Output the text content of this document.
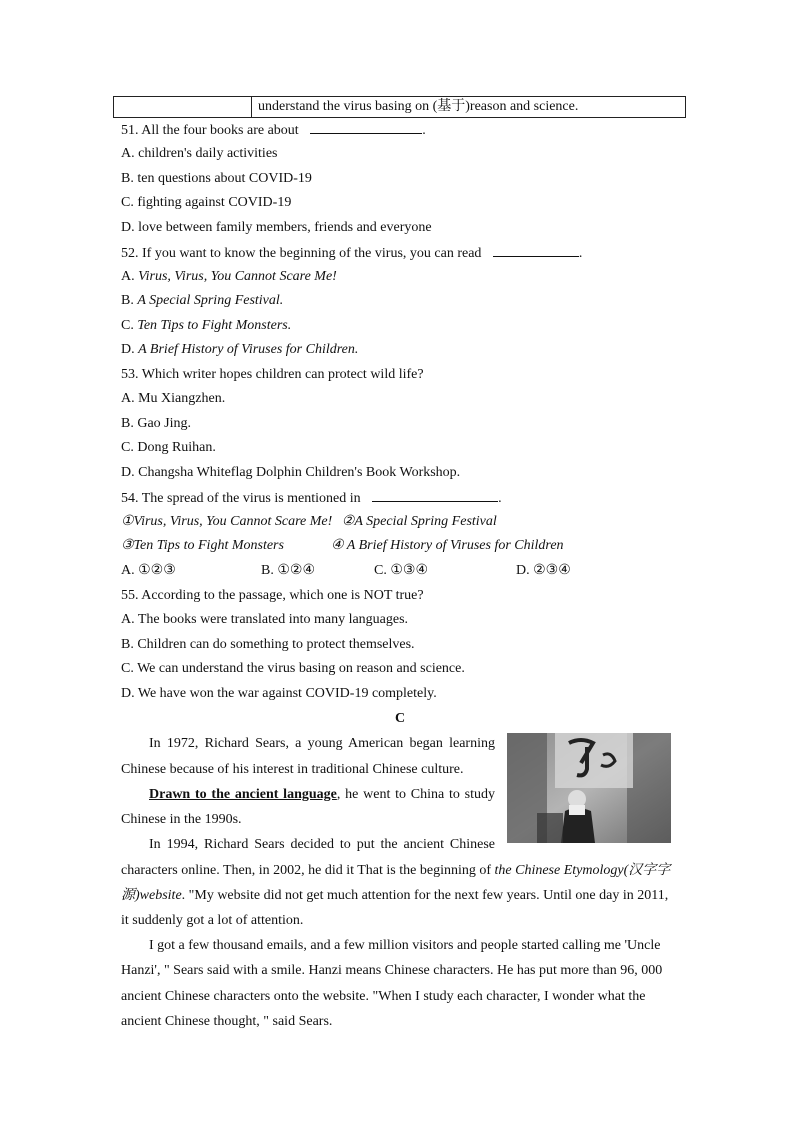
	understand the virus basing on (基于)reason and science.
51. All the four books are about	.
A. children's daily activities
B. ten questions about COVID-19
C. fighting against COVID-19
D. love between family members, friends and everyone
52. If you want to know the beginning of the virus, you can read	.
A. Virus, Virus, You Cannot Scare Me!
B. A Special Spring Festival.
C. Ten Tips to Fight Monsters.
D. A Brief History of Viruses for Children.
53. Which writer hopes children can protect wild life?
A. Mu Xiangzhen.
B. Gao Jing.
C. Dong Ruihan.
D. Changsha Whiteflag Dolphin Children's Book Workshop.
54. The spread of the virus is mentioned in	.
①Virus, Virus, You Cannot Scare Me! ②A Special Spring Festival
③Ten Tips to Fight Monsters	④ A Brief History of Viruses for Children
A. ①②③	B. ①②④	C. ①③④	D. ②③④
55. According to the passage, which one is NOT true?
A. The books were translated into many languages.
B. Children can do something to protect themselves.
C. We can understand the virus basing on reason and science.
D. We have won the war against COVID-19 completely.
C
In 1972, Richard Sears, a young American began learning
Chinese because of his interest in traditional Chinese culture.
Drawn to the ancient language, he went to China to study
Chinese in the 1990s.
In 1994, Richard Sears decided to put the ancient Chinese
characters online. Then, in 2002, he did it That is the beginning of the Chinese Etymology(汉字字
源)website. "My website did not get much attention for the next few years. Until one day in 2011,
it suddenly got a lot of attention.
I got a few thousand emails, and a few million visitors and people started calling me 'Uncle
Hanzi', " Sears said with a smile. Hanzi means Chinese characters. He has put more than 96, 000
ancient Chinese characters onto the website. "When I study each character, I wonder what the
ancient Chinese thought, " said Sears.
